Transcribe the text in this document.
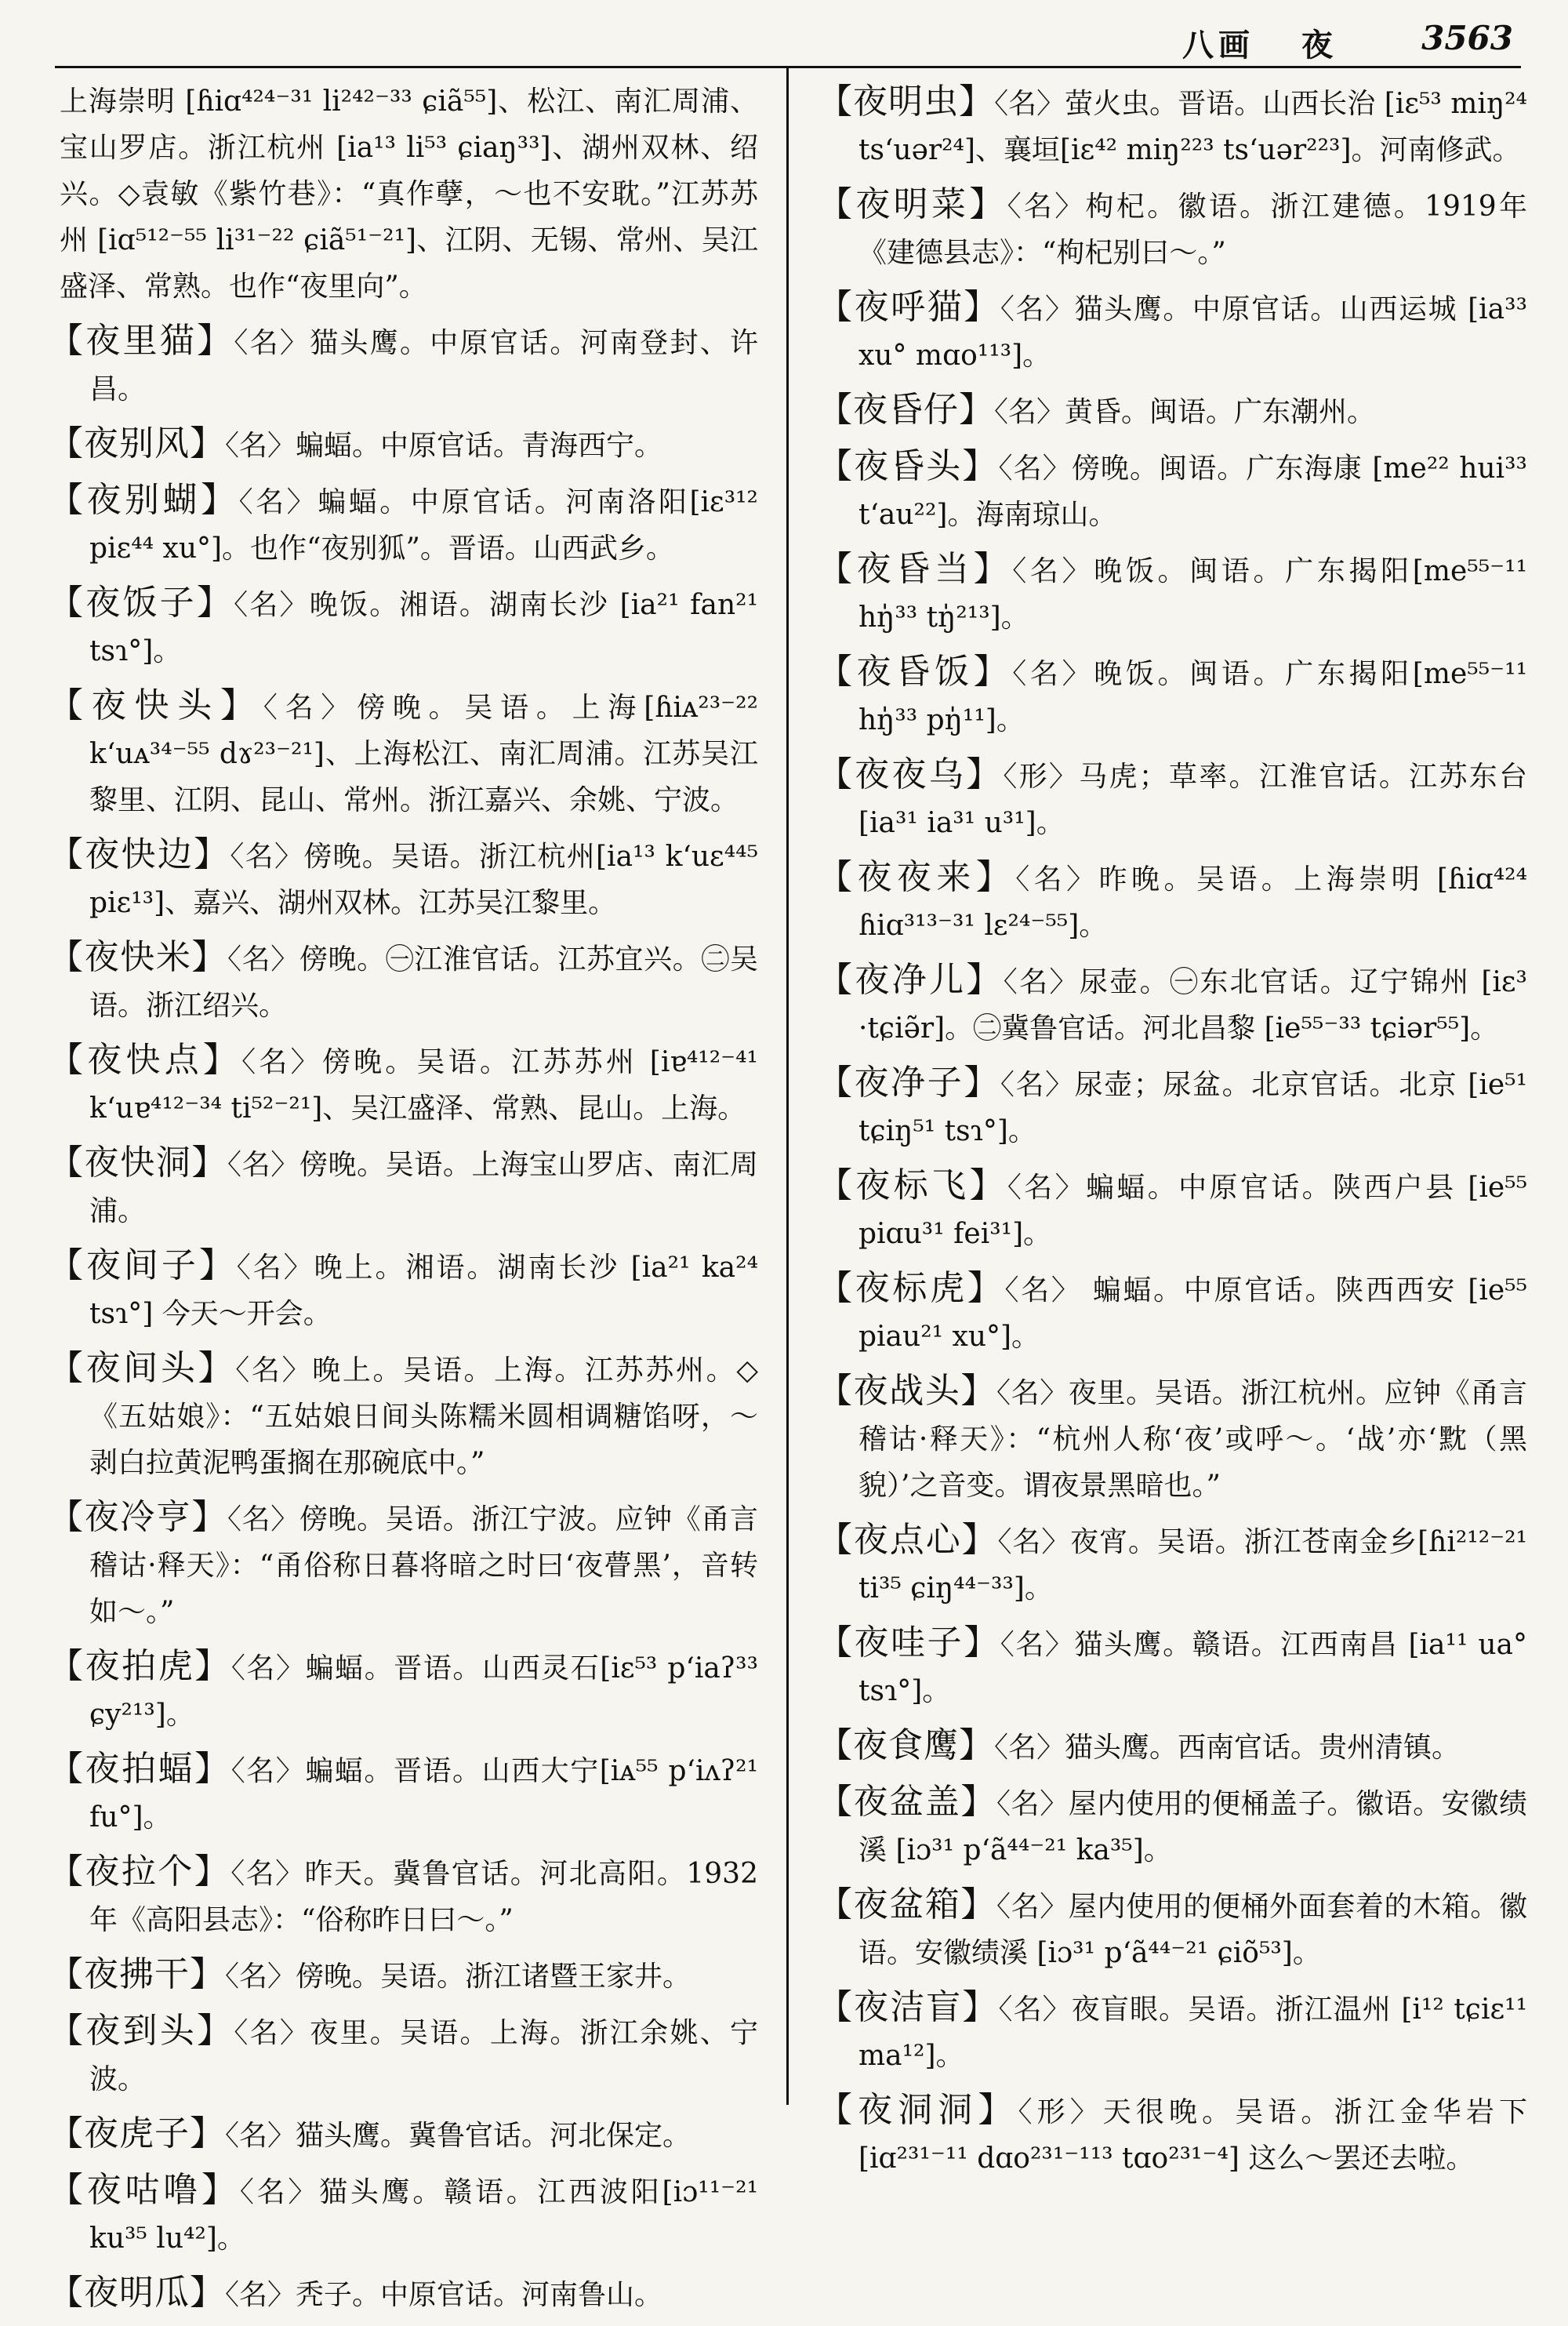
八画 夜	3563

上海崇明 [ɦiɑ⁴²⁴⁻³¹ li²⁴²⁻³³ ɕiã⁵⁵]、松江、南汇周浦、宝山罗店。浙江杭州 [ia¹³ li⁵³ ɕiaŋ³³]、湖州双林、绍兴。◇袁敏《紫竹巷》：“真作孽，～也不安耽。”江苏苏州 [iɑ⁵¹²⁻⁵⁵ li³¹⁻²² ɕiã⁵¹⁻²¹]、江阴、无锡、常州、吴江盛泽、常熟。也作“夜里向”。

【夜里猫】〈名〉猫头鹰。中原官话。河南登封、许昌。

【夜别风】〈名〉蝙蝠。中原官话。青海西宁。

【夜别蝴】〈名〉蝙蝠。中原官话。河南洛阳[iɛ³¹² piɛ⁴⁴ xu°]。也作“夜别狐”。晋语。山西武乡。

【夜饭子】〈名〉晚饭。湘语。湖南长沙 [ia²¹ fan²¹ tsɿ°]。

【夜快头】〈名〉傍晚。吴语。上海[ɦiᴀ²³⁻²² k‘uᴀ³⁴⁻⁵⁵ dɤ²³⁻²¹]、上海松江、南汇周浦。江苏吴江黎里、江阴、昆山、常州。浙江嘉兴、余姚、宁波。

【夜快边】〈名〉傍晚。吴语。浙江杭州[ia¹³ k‘uɛ⁴⁴⁵ piɛ¹³]、嘉兴、湖州双林。江苏吴江黎里。

【夜快米】〈名〉傍晚。㊀江淮官话。江苏宜兴。㊁吴语。浙江绍兴。

【夜快点】〈名〉傍晚。吴语。江苏苏州 [iɐ⁴¹²⁻⁴¹ k‘uɐ⁴¹²⁻³⁴ ti⁵²⁻²¹]、吴江盛泽、常熟、昆山。上海。

【夜快洞】〈名〉傍晚。吴语。上海宝山罗店、南汇周浦。

【夜间子】〈名〉晚上。湘语。湖南长沙 [ia²¹ ka²⁴ tsɿ°] 今天～开会。

【夜间头】〈名〉晚上。吴语。上海。江苏苏州。◇《五姑娘》：“五姑娘日间头陈糯米圆相调糖馅呀，～剥白拉黄泥鸭蛋搁在那碗底中。”

【夜冷亨】〈名〉傍晚。吴语。浙江宁波。应钟《甬言稽诂·释天》：“甬俗称日暮将暗之时曰‘夜瞢黑’，音转如～。”

【夜拍虎】〈名〉蝙蝠。晋语。山西灵石[iɛ⁵³ p‘iaʔ³³ ɕy²¹³]。

【夜拍蝠】〈名〉蝙蝠。晋语。山西大宁[iᴀ⁵⁵ p‘iʌʔ²¹ fu°]。

【夜拉个】〈名〉昨天。冀鲁官话。河北高阳。1932年《高阳县志》：“俗称昨日曰～。”

【夜拂干】〈名〉傍晚。吴语。浙江诸暨王家井。

【夜到头】〈名〉夜里。吴语。上海。浙江余姚、宁波。

【夜虎子】〈名〉猫头鹰。冀鲁官话。河北保定。

【夜咕噜】〈名〉猫头鹰。赣语。江西波阳[iɔ¹¹⁻²¹ ku³⁵ lu⁴²]。

【夜明瓜】〈名〉秃子。中原官话。河南鲁山。

【夜明虫】〈名〉萤火虫。晋语。山西长治 [iɛ⁵³ miŋ²⁴ ts‘uər²⁴]、襄垣[iɛ⁴² miŋ²²³ ts‘uər²²³]。河南修武。

【夜明菜】〈名〉枸杞。徽语。浙江建德。1919年《建德县志》：“枸杞别曰～。”

【夜呼猫】〈名〉猫头鹰。中原官话。山西运城 [ia³³ xu° mɑo¹¹³]。

【夜昏仔】〈名〉黄昏。闽语。广东潮州。

【夜昏头】〈名〉傍晚。闽语。广东海康 [me²² hui³³ t‘au²²]。海南琼山。

【夜昏当】〈名〉晚饭。闽语。广东揭阳[me⁵⁵⁻¹¹ hŋ̍³³ tŋ̍²¹³]。

【夜昏饭】〈名〉晚饭。闽语。广东揭阳[me⁵⁵⁻¹¹ hŋ̍³³ pŋ̍¹¹]。

【夜夜乌】〈形〉马虎；草率。江淮官话。江苏东台 [ia³¹ ia³¹ u³¹]。

【夜夜来】〈名〉昨晚。吴语。上海崇明 [ɦiɑ⁴²⁴ ɦiɑ³¹³⁻³¹ lɛ²⁴⁻⁵⁵]。

【夜净儿】〈名〉尿壶。㊀东北官话。辽宁锦州 [iɛ³ ·tɕiə̃r]。㊁冀鲁官话。河北昌黎 [ie⁵⁵⁻³³ tɕiər⁵⁵]。

【夜净子】〈名〉尿壶；尿盆。北京官话。北京 [ie⁵¹ tɕiŋ⁵¹ tsɿ°]。

【夜标飞】〈名〉蝙蝠。中原官话。陕西户县 [ie⁵⁵ piɑu³¹ fei³¹]。

【夜标虎】〈名〉 蝙蝠。中原官话。陕西西安 [ie⁵⁵ piau²¹ xu°]。

【夜战头】〈名〉夜里。吴语。浙江杭州。应钟《甬言稽诂·释天》：“杭州人称‘夜’或呼～。‘战’亦‘黕（黑貌）’之音变。谓夜景黑暗也。”

【夜点心】〈名〉夜宵。吴语。浙江苍南金乡[ɦi²¹²⁻²¹ ti³⁵ ɕiŋ⁴⁴⁻³³]。

【夜哇子】〈名〉猫头鹰。赣语。江西南昌 [ia¹¹ ua° tsɿ°]。

【夜食鹰】〈名〉猫头鹰。西南官话。贵州清镇。

【夜盆盖】〈名〉屋内使用的便桶盖子。徽语。安徽绩溪 [iɔ³¹ p‘ã⁴⁴⁻²¹ ka³⁵]。

【夜盆箱】〈名〉屋内使用的便桶外面套着的木箱。徽语。安徽绩溪 [iɔ³¹ p‘ã⁴⁴⁻²¹ ɕiõ⁵³]。

【夜洁盲】〈名〉夜盲眼。吴语。浙江温州 [i¹² tɕiɛ¹¹ ma¹²]。

【夜洞洞】〈形〉天很晚。吴语。浙江金华岩下 [iɑ²³¹⁻¹¹ dɑo²³¹⁻¹¹³ tɑo²³¹⁻⁴] 这么～罢还去啦。
